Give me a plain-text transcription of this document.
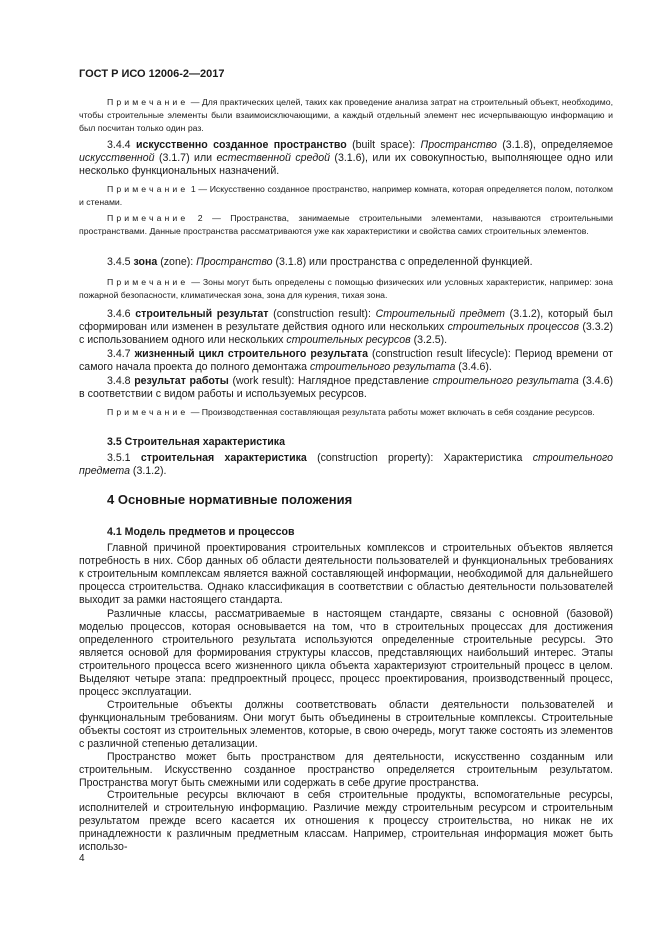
ГОСТ Р ИСО 12006-2—2017

Примечание — Для практических целей, таких как проведение анализа затрат на строительный объект, необходимо, чтобы строительные элементы были взаимоисключающими, а каждый отдельный элемент нес исчерпывающую информацию и был посчитан только один раз.

3.4.4 искусственно созданное пространство (built space): Пространство (3.1.8), определяемое искусственной (3.1.7) или естественной средой (3.1.6), или их совокупностью, выполняющее одно или несколько функциональных назначений.

Примечание 1 — Искусственно созданное пространство, например комната, которая определяется полом, потолком и стенами.

Примечание 2 — Пространства, занимаемые строительными элементами, называются строительными пространствами. Данные пространства рассматриваются уже как характеристики и свойства самих строительных элементов.

3.4.5 зона (zone): Пространство (3.1.8) или пространства с определенной функцией.

Примечание — Зоны могут быть определены с помощью физических или условных характеристик, например: зона пожарной безопасности, климатическая зона, зона для курения, тихая зона.

3.4.6 строительный результат (construction result): Строительный предмет (3.1.2), который был сформирован или изменен в результате действия одного или нескольких строительных процессов (3.3.2) с использованием одного или нескольких строительных ресурсов (3.2.5).

3.4.7 жизненный цикл строительного результата (construction result lifecycle): Период времени от самого начала проекта до полного демонтажа строительного результата (3.4.6).

3.4.8 результат работы (work result): Наглядное представление строительного результата (3.4.6) в соответствии с видом работы и используемых ресурсов.

Примечание — Производственная составляющая результата работы может включать в себя создание ресурсов.

3.5 Строительная характеристика

3.5.1 строительная характеристика (construction property): Характеристика строительного предмета (3.1.2).

4 Основные нормативные положения
4.1 Модель предметов и процессов

Главной причиной проектирования строительных комплексов и строительных объектов является потребность в них. Сбор данных об области деятельности пользователей и функциональных требованиях к строительным комплексам является важной составляющей информации, необходимой для дальнейшего процесса строительства. Однако классификация в соответствии с областью деятельности пользователей выходит за рамки настоящего стандарта.

Различные классы, рассматриваемые в настоящем стандарте, связаны с основной (базовой) моделью процессов, которая основывается на том, что в строительных процессах для достижения определенного строительного результата используются определенные строительные ресурсы. Это является основой для формирования структуры классов, представляющих наибольший интерес. Этапы строительного процесса всего жизненного цикла объекта характеризуют строительный процесс в целом. Выделяют четыре этапа: предпроектный процесс, процесс проектирования, производственный процесс, процесс эксплуатации.

Строительные объекты должны соответствовать области деятельности пользователей и функциональным требованиям. Они могут быть объединены в строительные комплексы. Строительные объекты состоят из строительных элементов, которые, в свою очередь, могут также состоять из элементов с различной степенью детализации.

Пространство может быть пространством для деятельности, искусственно созданным или строительным. Искусственно созданное пространство определяется строительным результатом. Пространства могут быть смежными или содержать в себе другие пространства.

Строительные ресурсы включают в себя строительные продукты, вспомогательные ресурсы, исполнителей и строительную информацию. Различие между строительным ресурсом и строительным результатом прежде всего касается их отношения к процессу строительства, но никак не их принадлежности к различным предметным классам. Например, строительная информация может быть использо-

4
